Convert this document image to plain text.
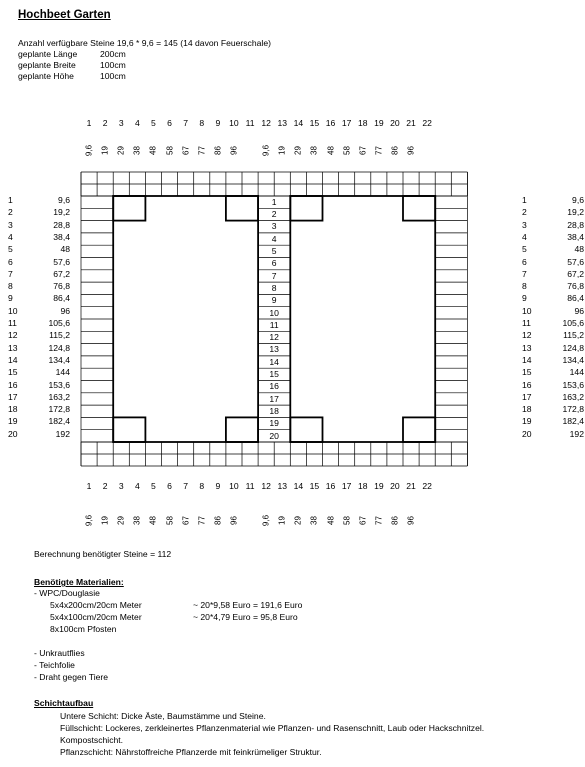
Hochbeet Garten
Anzahl verfügbare Steine 19,6 * 9,6 = 145 (14 davon Feuerschale)
geplante Länge	200cm
geplante Breite	100cm
geplante Höhe	100cm
1
2
3
4
5
6
7
8
9
10
11
12
13
14
15
16
17
18
19
20
1	2	3	4	5	6	7	8	9	10 11 12 13 14 15 16 17 18 19 20 21 22
1	2	3	4	5	6	7	8	9	10 11 12 13 14 15 16 17 18 19 20 21 22
9,6 19 29 38 48 58 67 77 86 96	9,6 19 29 38 48 58 67 77 86 96
9,6 19 29 38 48 58 67 77 86 96	9,6 19 29 38 48 58 67 77 86 96
1	9,6
2	19,2
3	28,8
4	38,4
5	48
6	57,6
7	67,2
8	76,8
9	86,4
10	96
11	105,6
12	115,2
13	124,8
14	134,4
15	144
16	153,6
17	163,2
18	172,8
19	182,4
20	192
1	9,6
2	19,2
3	28,8
4	38,4
5	48
6	57,6
7	67,2
8	76,8
9	86,4
10	96
11	105,6
12	115,2
13	124,8
14	134,4
15	144
16	153,6
17	163,2
18	172,8
19	182,4
20	192
Berechnung benötigter Steine = 112
Benötigte Materialien:
- WPC/Douglasie
5x4x200cm/20cm Meter	~ 20*9,58 Euro = 191,6 Euro
5x4x100cm/20cm Meter	~ 20*4,79 Euro = 95,8 Euro
8x100cm Pfosten
- Unkrautflies
- Teichfolie
- Draht gegen Tiere
Schichtaufbau
Untere Schicht: Dicke Äste, Baumstämme und Steine.
Füllschicht: Lockeres, zerkleinertes Pflanzenmaterial wie Pflanzen- und Rasenschnitt, Laub oder Hackschnitzel.
Kompostschicht.
Pflanzschicht: Nährstoffreiche Pflanzerde mit feinkrümeliger Struktur.
